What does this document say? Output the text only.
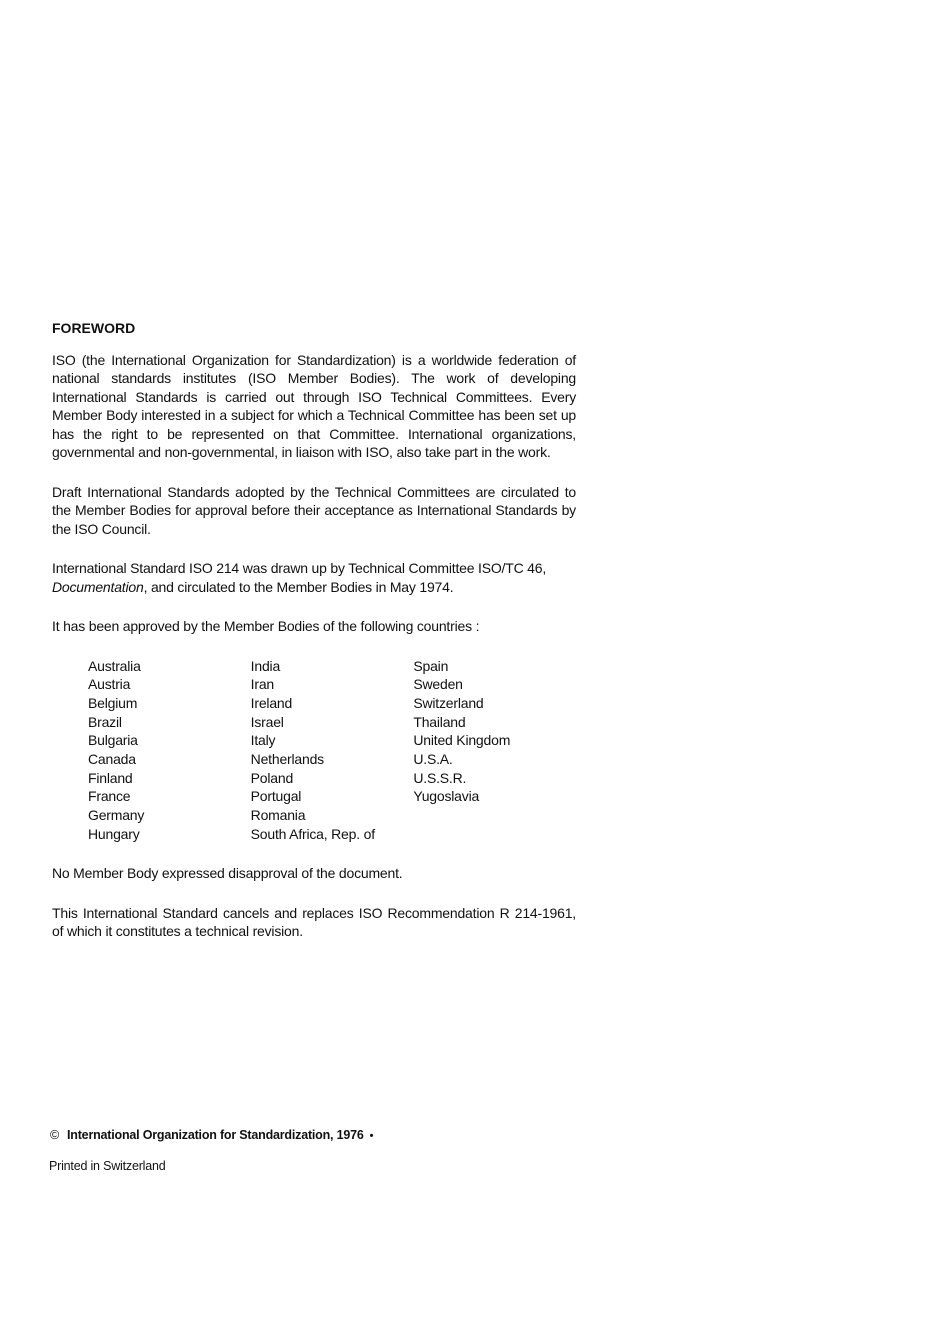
FOREWORD

ISO (the International Organization for Standardization) is a worldwide federation of national standards institutes (ISO Member Bodies). The work of developing International Standards is carried out through ISO Technical Committees. Every Member Body interested in a subject for which a Technical Committee has been set up has the right to be represented on that Committee. International organizations, governmental and non-governmental, in liaison with ISO, also take part in the work.

Draft International Standards adopted by the Technical Committees are circulated to the Member Bodies for approval before their acceptance as International Standards by the ISO Council.

International Standard ISO 214 was drawn up by Technical Committee ISO/TC 46,
Documentation, and circulated to the Member Bodies in May 1974.

It has been approved by the Member Bodies of the following countries :

Australia
Austria
Belgium
Brazil
Bulgaria
Canada
Finland
France
Germany
Hungary
India
Iran
Ireland
Israel
Italy
Netherlands
Poland
Portugal
Romania
South Africa, Rep. of
Spain
Sweden
Switzerland
Thailand
United Kingdom
U.S.A.
U.S.S.R.
Yugoslavia

No Member Body expressed disapproval of the document.

This International Standard cancels and replaces ISO Recommendation R 214-1961, of which it constitutes a technical revision.

© International Organization for Standardization, 1976 •
Printed in Switzerland
